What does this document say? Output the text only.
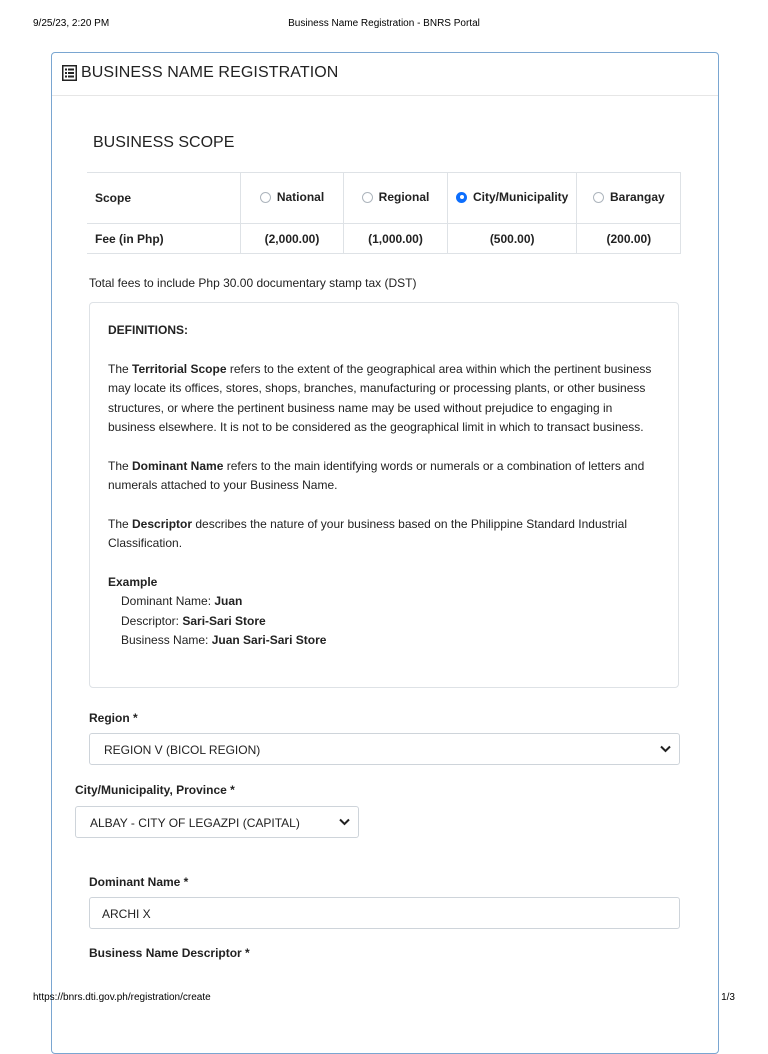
9/25/23, 2:20 PM	Business Name Registration - BNRS Portal
BUSINESS NAME REGISTRATION
BUSINESS SCOPE
Scope	National	Regional	City/Municipality	Barangay

Fee (in Php)	(2,000.00)	(1,000.00)	(500.00)	(200.00)
Total fees to include Php 30.00 documentary stamp tax (DST)

DEFINITIONS:

The Territorial Scope refers to the extent of the geographical area within which the pertinent business may locate its offices, stores, shops, branches, manufacturing or processing plants, or other business structures, or where the pertinent business name may be used without prejudice to engaging in business elsewhere. It is not to be considered as the geographical limit in which to transact business.

The Dominant Name refers to the main identifying words or numerals or a combination of letters and numerals attached to your Business Name.

The Descriptor describes the nature of your business based on the Philippine Standard Industrial Classification.

Example
Dominant Name: Juan
Descriptor: Sari-Sari Store
Business Name: Juan Sari-Sari Store
Region *
REGION V (BICOL REGION)
City/Municipality, Province *
ALBAY - CITY OF LEGAZPI (CAPITAL)
Dominant Name *
ARCHI X
Business Name Descriptor *
https://bnrs.dti.gov.ph/registration/create	1/3
